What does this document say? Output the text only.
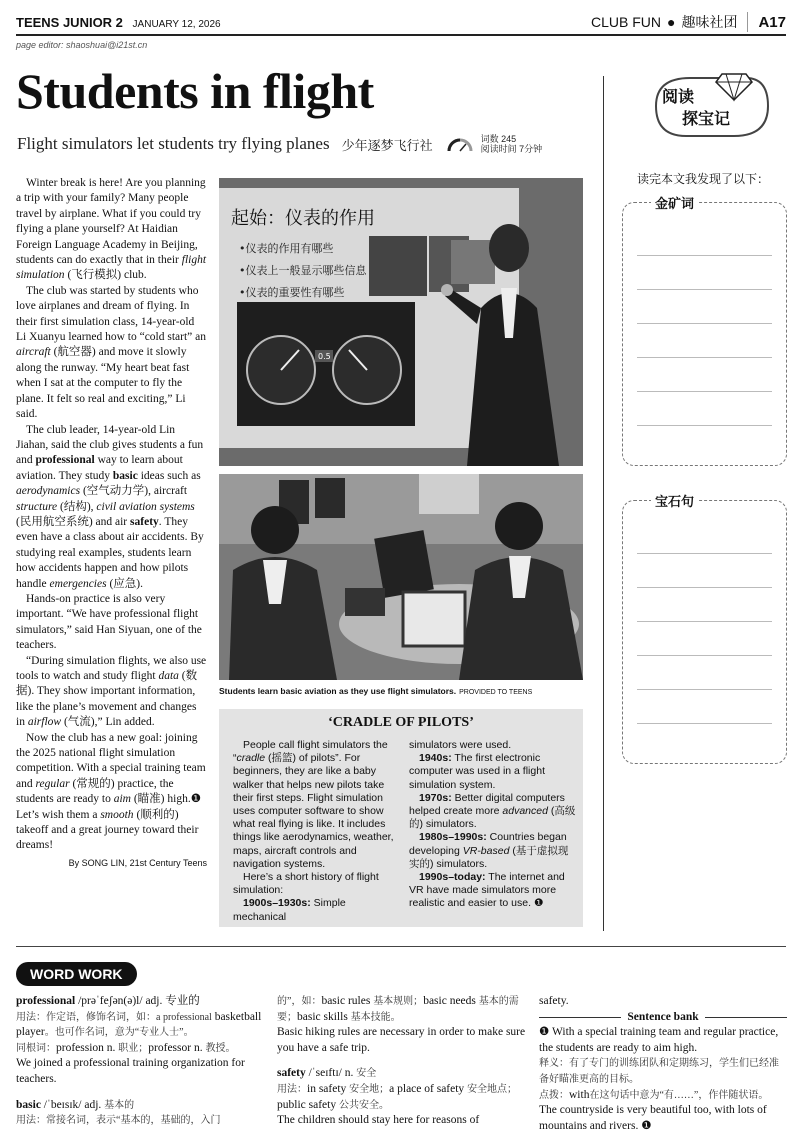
TEENS JUNIOR 2 JANUARY 12, 2026	CLUB FUN ● 趣味社团 A17
page editor: shaoshuai@i21st.cn
Students in flight
Flight simulators let students try flying planes 少年逐梦飞行社	词数 245
阅读时间 7分钟

Winter break is here! Are you planning a trip with your family? Many people travel by airplane. What if you could try flying a plane yourself? At Haidian Foreign Language Academy in Beijing, students can do exactly that in their flight simulation (飞行模拟) club.

The club was started by students who love airplanes and dream of flying. In their first simulation class, 14-year-old Li Xuanyu learned how to “cold start” an aircraft (航空器) and move it slowly along the runway. “My heart beat fast when I sat at the computer to fly the plane. It felt so real and exciting,” Li said.

The club leader, 14-year-old Lin Jiahan, said the club gives students a fun and professional way to learn about aviation. They study basic ideas such as aerodynamics (空气动力学), aircraft structure (结构), civil aviation systems (民用航空系统) and air safety. They even have a class about air accidents. By studying real examples, students learn how accidents happen and how pilots handle emergencies (应急).

Hands-on practice is also very important. “We have professional flight simulators,” said Han Siyuan, one of the teachers.

“During simulation flights, we also use tools to watch and study flight data (数据). They show important information, like the plane’s movement and changes in airflow (气流),” Lin added.

Now the club has a new goal: joining the 2025 national flight simulation competition. With a special training team and regular (常规的) practice, the students are ready to aim (瞄准) high.❶ Let’s wish them a smooth (顺利的) takeoff and a great journey toward their dreams!

By SONG LIN, 21st Century Teens

0.5
起始：仪表的作用
•仪表的作用有哪些
•仪表上一般显示哪些信息
•仪表的重要性有哪些
Students learn basic aviation as they use flight simulators. PROVIDED TO TEENS
‘CRADLE OF PILOTS’

People call flight simulators the “cradle (摇篮) of pilots”. For beginners, they are like a baby walker that helps new pilots take their first steps. Flight simulation uses computer software to show what real flying is like. It includes things like aerodynamics, weather, maps, aircraft controls and navigation systems.

Here’s a short history of flight simulation:

1900s–1930s: Simple mechanical

simulators were used.

1940s: The first electronic computer was used in a flight simulation system.

1970s: Better digital computers helped create more advanced (高级的) simulators.

1980s–1990s: Countries began developing VR-based (基于虚拟现实的) simulators.

1990s–today: The internet and VR have made simulators more realistic and easier to use. ❶

阅读
探宝记
读完本文我发现了以下：
金矿词
宝石句
WORD WORK

professional /prəˈfeʃən(ə)l/ adj. 专业的

用法：作定语，修饰名词，如：a professional basketball player。也可作名词，意为“专业人士”。

同根词：profession n. 职业；professor n. 教授。

We joined a professional training organization for teachers.

basic /ˈbeɪsɪk/ adj. 基本的

用法：常接名词，表示“基本的，基础的，入门

的”，如：basic rules 基本规则；basic needs 基本的需要；basic skills 基本技能。

Basic hiking rules are necessary in order to make sure you have a safe trip.

safety /ˈseɪftɪ/ n. 安全

用法：in safety 安全地；a place of safety 安全地点；public safety 公共安全。

The children should stay here for reasons of

safety.

Sentence bank

❶ With a special training team and regular practice, the students are ready to aim high.

释义：有了专门的训练团队和定期练习，学生们已经准备好瞄准更高的目标。

点拨：with在这句话中意为“有……”，作伴随状语。

The countryside is very beautiful too, with lots of mountains and rivers. ❶
